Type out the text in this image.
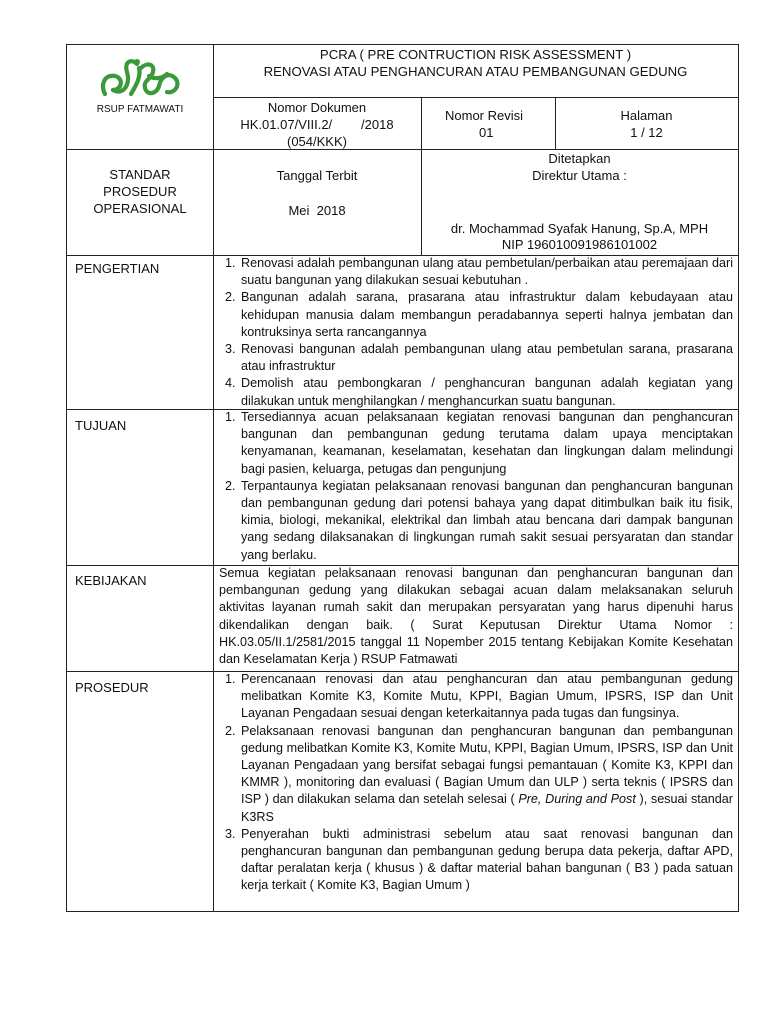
RSUP FATMAWATI
PCRA ( PRE CONTRUCTION RISK ASSESSMENT )
RENOVASI ATAU PENGHANCURAN ATAU PEMBANGUNAN GEDUNG
Nomor Dokumen
HK.01.07/VIII.2/        /2018
(054/KKK)
Nomor Revisi
01
Halaman
1 / 12
STANDAR
PROSEDUR
OPERASIONAL
Tanggal Terbit
Mei  2018
Ditetapkan
Direktur Utama :
dr. Mochammad Syafak Hanung, Sp.A, MPH
NIP 196010091986101002
PENGERTIAN	1. Renovasi adalah pembangunan ulang atau pembetulan/perbaikan atau peremajaan dari suatu bangunan yang dilakukan sesuai kebutuhan .
2. Bangunan adalah sarana, prasarana atau infrastruktur dalam kebudayaan atau kehidupan manusia dalam membangun peradabannya seperti halnya jembatan dan kontruksinya serta rancangannya
3. Renovasi bangunan adalah pembangunan ulang atau pembetulan sarana, prasarana atau infrastruktur
4. Demolish atau pembongkaran / penghancuran bangunan adalah kegiatan yang dilakukan untuk menghilangkan / menghancurkan suatu bangunan.
TUJUAN
1. Tersediannya acuan pelaksanaan kegiatan renovasi bangunan dan penghancuran bangunan dan pembangunan gedung terutama dalam upaya menciptakan kenyamanan, keamanan, keselamatan, kesehatan dan lingkungan dalam melindungi bagi pasien, keluarga, petugas dan pengunjung
2. Terpantaunya kegiatan pelaksanaan renovasi bangunan dan penghancuran bangunan dan pembangunan gedung dari potensi bahaya yang dapat ditimbulkan baik itu fisik, kimia, biologi, mekanikal, elektrikal dan limbah atau bencana dari dampak bangunan yang sedang dilaksanakan di lingkungan rumah sakit sesuai persyaratan dan standar yang berlaku.
KEBIJAKAN	Semua kegiatan pelaksanaan renovasi bangunan dan penghancuran bangunan dan pembangunan gedung yang dilakukan sebagai acuan dalam melaksanakan seluruh aktivitas layanan rumah sakit dan merupakan persyaratan yang harus dipenuhi harus dikendalikan dengan baik. ( Surat Keputusan Direktur Utama Nomor : HK.03.05/II.1/2581/2015 tanggal 11 Nopember 2015 tentang Kebijakan Komite Kesehatan dan Keselamatan Kerja ) RSUP Fatmawati
PROSEDUR
1. Perencanaan renovasi dan atau penghancuran dan atau pembangunan gedung melibatkan Komite K3, Komite Mutu, KPPI, Bagian Umum, IPSRS, ISP dan Unit Layanan Pengadaan sesuai dengan keterkaitannya pada tugas dan fungsinya.
2. Pelaksanaan renovasi bangunan dan penghancuran bangunan dan pembangunan gedung melibatkan Komite K3, Komite Mutu, KPPI, Bagian Umum, IPSRS, ISP dan Unit Layanan Pengadaan yang bersifat sebagai fungsi pemantauan ( Komite K3, KPPI dan KMMR ), monitoring dan evaluasi ( Bagian Umum dan ULP ) serta teknis ( IPSRS dan ISP ) dan dilakukan selama dan setelah selesai ( Pre, During and Post ), sesuai standar K3RS
3. Penyerahan bukti administrasi sebelum atau saat renovasi bangunan dan penghancuran bangunan dan pembangunan gedung berupa data pekerja, daftar APD, daftar peralatan kerja ( khusus ) & daftar material bahan bangunan ( B3 ) pada satuan kerja terkait ( Komite K3, Bagian Umum )
